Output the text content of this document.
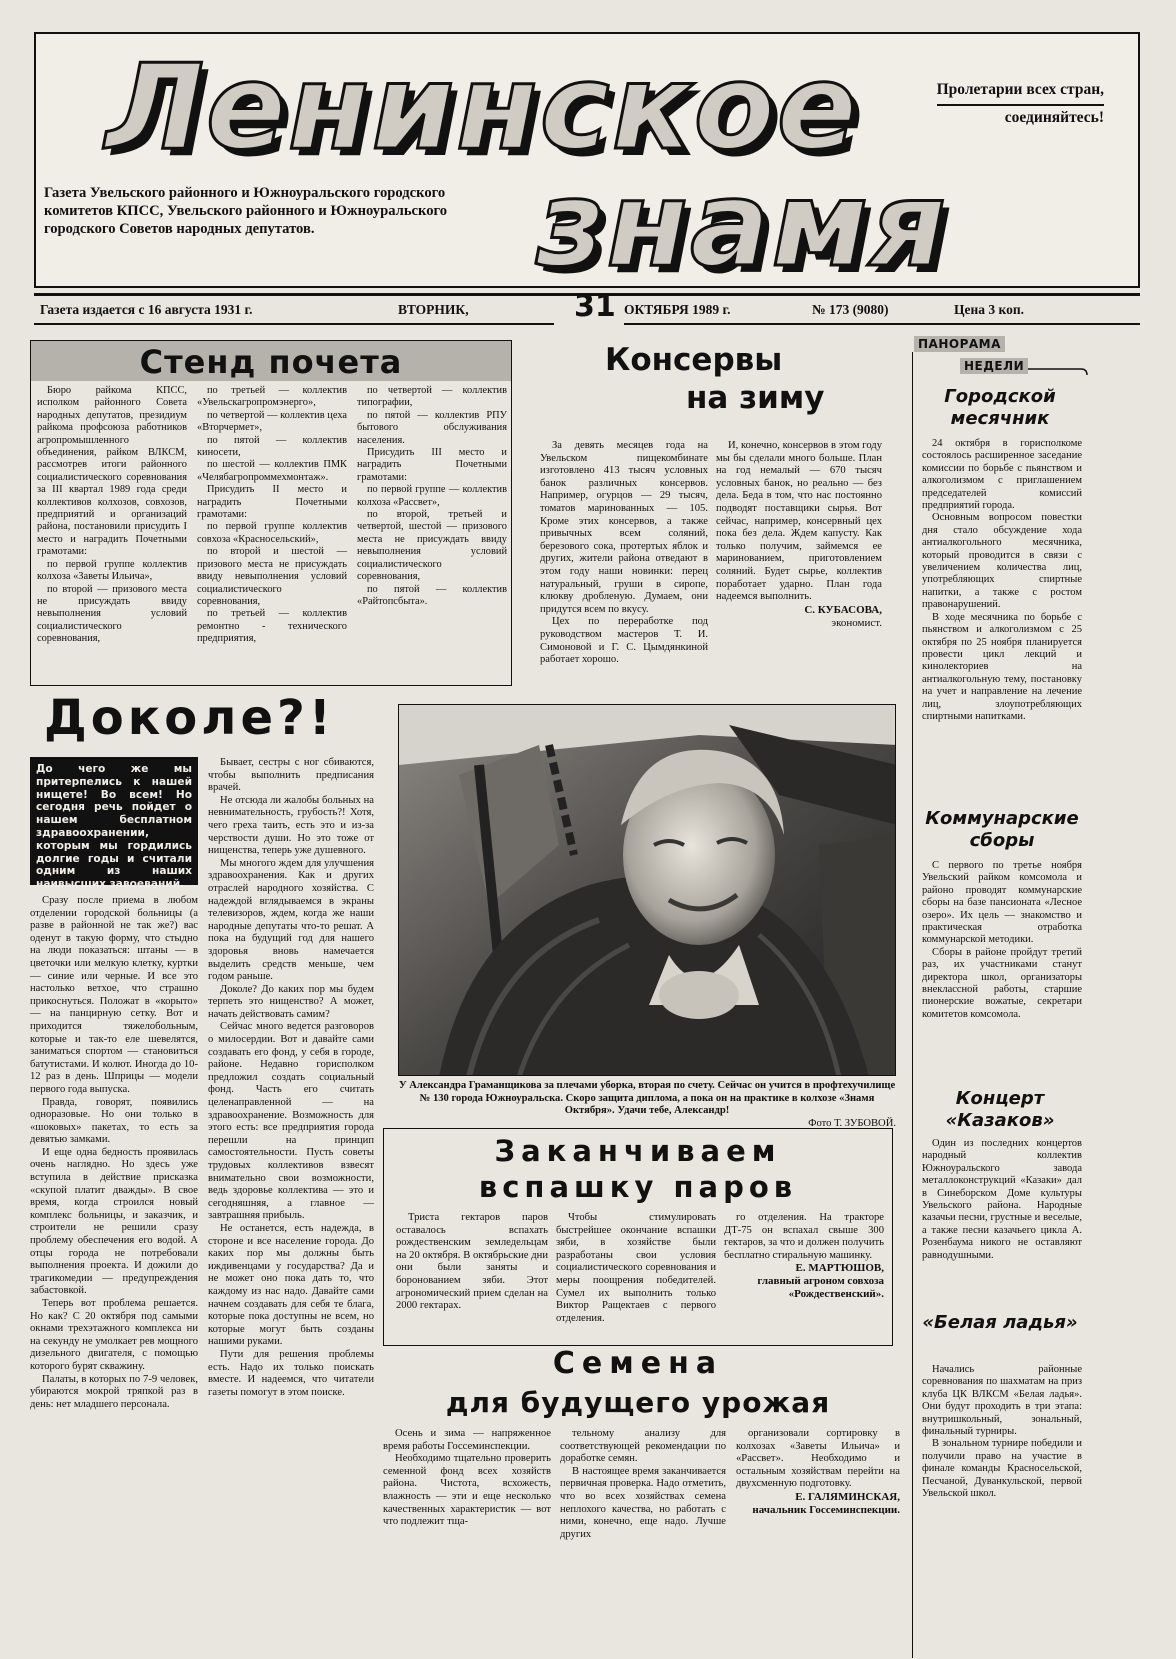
Ленинское
знамя
Пролетарии всех стран,
соединяйтесь!
Газета Увельского районного и Южноуральского городского комитетов КПСС, Увельского районного и Южноуральского городского Советов народных депутатов.
Газета издается с 16 августа 1931 г.	ВТОРНИК,	31 ОКТЯБРЯ 1989 г.	№ 173 (9080)	Цена 3 коп.
Стенд почета

Бюро райкома КПСС, исполком районного Совета народных депутатов, президиум райкома профсоюза работников агропромышленного объединения, райком ВЛКСМ, рассмотрев итоги районного социалистического соревнования за III квартал 1989 года среди коллективов колхозов, совхозов, предприятий и организаций района, постановили присудить I место и наградить Почетными грамотами:

по первой группе коллектив колхоза «Заветы Ильича»,

по второй — призового места не присуждать ввиду невыполнения условий социалистического соревнования,

по третьей — коллектив «Увельскагропромэнерго»,

по четвертой — коллектив цеха «Вторчермет»,

по пятой — коллектив киносети,

по шестой — коллектив ПМК «Челябагропроммехмонтаж».

Присудить II место и наградить Почетными грамотами:

по первой группе коллектив совхоза «Красносельский»,

по второй и шестой — призового места не присуждать ввиду невыполнения условий социалистического соревнования,

по третьей — коллектив ремонтно - технического предприятия,

по четвертой — коллектив типографии,

по пятой — коллектив РПУ бытового обслуживания населения.

Присудить III место и наградить Почетными грамотами:

по первой группе — коллектив колхоза «Рассвет»,

по второй, третьей и четвертой, шестой — призового места не присуждать ввиду невыполнения условий социалистического соревнования,

по пятой — коллектив «Райтопсбыта».

Консервы
на зиму

За девять месяцев года на Увельском пищекомбинате изготовлено 413 тысяч условных банок различных консервов. Например, огурцов — 29 тысяч, томатов маринованных — 105. Кроме этих консервов, а также привычных всем соляний, березового сока, протертых яблок и других, жители района отведают в этом году наши новинки: перец натуральный, груши в сиропе, клюкву дробленую. Думаем, они придутся всем по вкусу.

Цех по переработке под руководством мастеров Т. И. Симоновой и Г. С. Цымдянкиной работает хорошо.

И, конечно, консервов в этом году мы бы сделали много больше. План на год немалый — 670 тысяч условных банок, но реально — без дела. Беда в том, что нас постоянно подводят поставщики сырья. Вот сейчас, например, консервный цех пока без дела. Ждем капусту. Как только получим, займемся ее маринованием, приготовлением соляний. Будет сырье, коллектив поработает ударно. План года надеемся выполнить.

С. КУБАСОВА,
экономист.
ПАНОРАМА
НЕДЕЛИ
Городской месячник

24 октября в горисполкоме состоялось расширенное заседание комиссии по борьбе с пьянством и алкоголизмом с приглашением председателей комиссий предприятий города.

Основным вопросом повестки дня стало обсуждение хода антиалкогольного месячника, который проводится в связи с увеличением количества лиц, употребляющих спиртные напитки, а также с ростом правонарушений.

В ходе месячника по борьбе с пьянством и алкоголизмом с 25 октября по 25 ноября планируется провести цикл лекций и кинолекториев на антиалкогольную тему, постановку на учет и направление на лечение лиц, злоупотребляющих спиртными напитками.

Коммунарские сборы

С первого по третье ноября Увельский райком комсомола и районо проводят коммунарские сборы на базе пансионата «Лесное озеро». Их цель — знакомство и практическая отработка коммунарской методики.

Сборы в районе пройдут третий раз, их участниками станут директора школ, организаторы внеклассной работы, старшие пионерские вожатые, секретари комитетов комсомола.

Концерт «Казаков»

Один из последних концертов народный коллектив Южноуральского завода металлоконструкций «Казаки» дал в Синеборском Доме культуры Увельского района. Народные казачьи песни, грустные и веселые, а также песни казачьего цикла А. Розенбаума никого не оставляют равнодушными.

«Белая ладья»

Начались районные соревнования по шахматам на приз клуба ЦК ВЛКСМ «Белая ладья». Они будут проходить в три этапа: внутришкольный, зональный, финальный турниры.

В зональном турнире победили и получили право на участие в финале команды Красносельской, Песчаной, Дуванкульской, первой Увельской школ.

Доколе?!
До чего же мы притерпелись к нашей нищете! Во всем! Но сегодня речь пойдет о нашем бесплатном здравоохранении, которым мы гордились долгие годы и считали одним из наших наивысших завоеваний.

Сразу после приема в любом отделении городской больницы (а разве в районной не так же?) вас оденут в такую форму, что стыдно на люди показаться: штаны — в цветочки или мелкую клетку, куртки — синие или черные. И все это настолько ветхое, что страшно прикоснуться. Положат в «корыто» — на панцирную сетку. Вот и приходится тяжелобольным, которые и так-то еле шевелятся, заниматься спортом — становиться батутистами. И колют. Иногда до 10-12 раз в день. Шприцы — модели первого года выпуска.

Правда, говорят, появились одноразовые. Но они только в «шоковых» пакетах, то есть за девятью замками.

И еще одна бедность проявилась очень наглядно. Но здесь уже вступила в действие присказка «скупой платит дважды». В свое время, когда строился новый комплекс больницы, и заказчик, и строители не решили сразу проблему обеспечения его водой. А отцы города не потребовали выполнения проекта. И дожили до трагикомедии — предупреждения забастовкой.

Теперь вот проблема решается. Но как? С 20 октября под самыми окнами трехэтажного комплекса ни на секунду не умолкает рев мощного дизельного двигателя, с помощью которого бурят скважину.

Палаты, в которых по 7-9 человек, убираются мокрой тряпкой раз в день: нет младшего персонала.

Бывает, сестры с ног сбиваются, чтобы выполнить предписания врачей.

Не отсюда ли жалобы больных на невнимательность, грубость?! Хотя, чего греха таить, есть это и из-за черствости души. Но это тоже от нищенства, теперь уже душевного.

Мы многого ждем для улучшения здравоохранения. Как и других отраслей народного хозяйства. С надеждой вглядываемся в экраны телевизоров, ждем, когда же наши народные депутаты что-то решат. А пока на будущий год для нашего здоровья вновь намечается выделить средств меньше, чем годом раньше.

Доколе? До каких пор мы будем терпеть это нищенство? А может, начать действовать самим?

Сейчас много ведется разговоров о милосердии. Вот и давайте сами создавать его фонд, у себя в городе, районе. Недавно горисполком предложил создать социальный фонд. Часть его считать целенаправленной — на здравоохранение. Возможность для этого есть: все предприятия города перешли на принцип самостоятельности. Пусть советы трудовых коллективов взвесят внимательно свои возможности, ведь здоровье коллектива — это и сегодняшняя, а главное — завтрашняя прибыль.

Не останется, есть надежда, в стороне и все население города. До каких пор мы должны быть иждивенцами у государства? Да и не может оно пока дать то, что каждому из нас надо. Давайте сами начнем создавать для себя те блага, которые пока доступны не всем, но которые могут быть созданы нашими руками.

Пути для решения проблемы есть. Надо их только поискать вместе. И надеемся, что читатели газеты помогут в этом поиске.

У Александра Граманщикова за плечами уборка, вторая по счету. Сейчас он учится в профтехучилище № 130 города Южноуральска. Скоро защита диплома, а пока он на практике в колхозе «Знамя Октября». Удачи тебе, Александр!
Фото Т. ЗУБОВОЙ.
Заканчиваем
вспашку паров

Триста гектаров паров оставалось вспахать рождественским земледельцам на 20 октября. В октябрьские дни они были заняты и боронованием зяби. Этот агрономический прием сделан на 2000 гектарах.

Чтобы стимулировать быстрейшее окончание вспашки зяби, в хозяйстве были разработаны свои условия социалистического соревнования и меры поощрения победителей. Сумел их выполнить только Виктор Ращектаев с первого отделения.

го отделения. На тракторе ДТ-75 он вспахал свыше 300 гектаров, за что и должен получить бесплатно стиральную машинку.

Е. МАРТЮШОВ,
главный агроном совхоза «Рождественский».
Семена
для будущего урожая

Осень и зима — напряженное время работы Госсеминспекции.

Необходимо тщательно проверить семенной фонд всех хозяйств района. Чистота, всхожесть, влажность — эти и еще несколько качественных характеристик — вот что подлежит тща-

тельному анализу для соответствующей рекомендации по доработке семян.

В настоящее время заканчивается первичная проверка. Надо отметить, что во всех хозяйствах семена неплохого качества, но работать с ними, конечно, еще надо. Лучше других

организовали сортировку в колхозах «Заветы Ильича» и «Рассвет». Необходимо и остальным хозяйствам перейти на двухсменную подготовку.

Е. ГАЛЯМИНСКАЯ,
начальник Госсеминспекции.
